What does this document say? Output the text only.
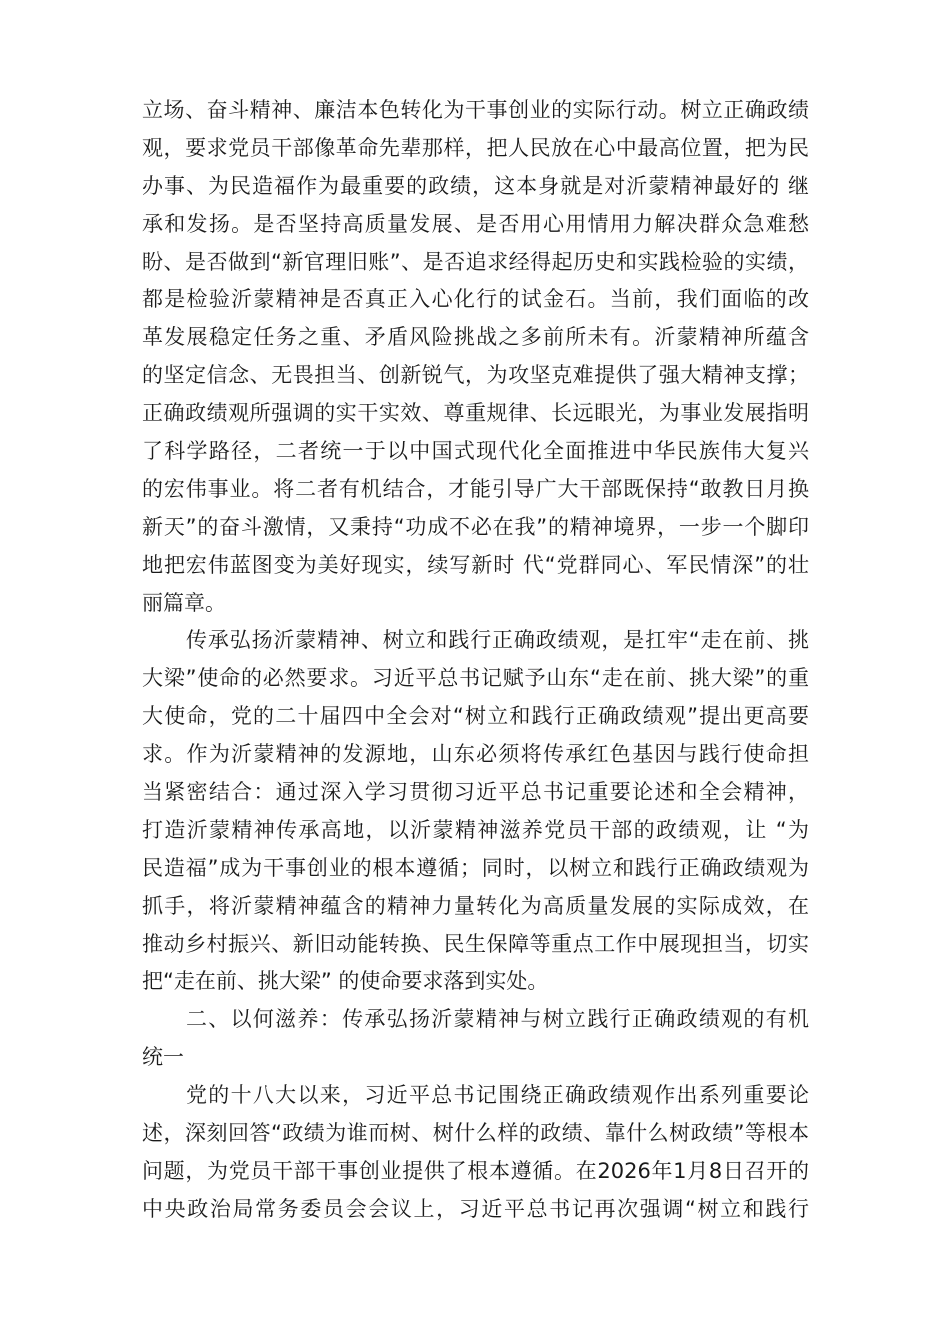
立场、奋斗精神、廉洁本色转化为干事创业的实际行动。树立正确政绩
观，要求党员干部像革命先辈那样，把人民放在心中最高位置，把为民
办事、为民造福作为最重要的政绩，这本身就是对沂蒙精神最好的 继
承和发扬。是否坚持高质量发展、是否用心用情用力解决群众急难愁
盼、是否做到“新官理旧账”、是否追求经得起历史和实践检验的实绩，
都是检验沂蒙精神是否真正入心化行的试金石。当前，我们面临的改
革发展稳定任务之重、矛盾风险挑战之多前所未有。沂蒙精神所蕴含
的坚定信念、无畏担当、创新锐气，为攻坚克难提供了强大精神支撑；
正确政绩观所强调的实干实效、尊重规律、长远眼光，为事业发展指明
了科学路径，二者统一于以中国式现代化全面推进中华民族伟大复兴
的宏伟事业。将二者有机结合，才能引导广大干部既保持“敢教日月换
新天”的奋斗激情，又秉持“功成不必在我”的精神境界，一步一个脚印
地把宏伟蓝图变为美好现实，续写新时 代“党群同心、军民情深”的壮
丽篇章。

传承弘扬沂蒙精神、树立和践行正确政绩观，是扛牢“走在前、挑
大梁”使命的必然要求。习近平总书记赋予山东“走在前、挑大梁”的重
大使命，党的二十届四中全会对“树立和践行正确政绩观”提出更高要
求。作为沂蒙精神的发源地，山东必须将传承红色基因与践行使命担
当紧密结合：通过深入学习贯彻习近平总书记重要论述和全会精神，
打造沂蒙精神传承高地，以沂蒙精神滋养党员干部的政绩观，让 “为
民造福”成为干事创业的根本遵循；同时，以树立和践行正确政绩观为
抓手，将沂蒙精神蕴含的精神力量转化为高质量发展的实际成效，在
推动乡村振兴、新旧动能转换、民生保障等重点工作中展现担当，切实
把“走在前、挑大梁” 的使命要求落到实处。

二、以何滋养：传承弘扬沂蒙精神与树立践行正确政绩观的有机
统一

党的十八大以来，习近平总书记围绕正确政绩观作出系列重要论
述，深刻回答“政绩为谁而树、树什么样的政绩、靠什么树政绩”等根本
问题，为党员干部干事创业提供了根本遵循。在2026年1月8日召开的
中央政治局常务委员会会议上，习近平总书记再次强调“树立和践行
